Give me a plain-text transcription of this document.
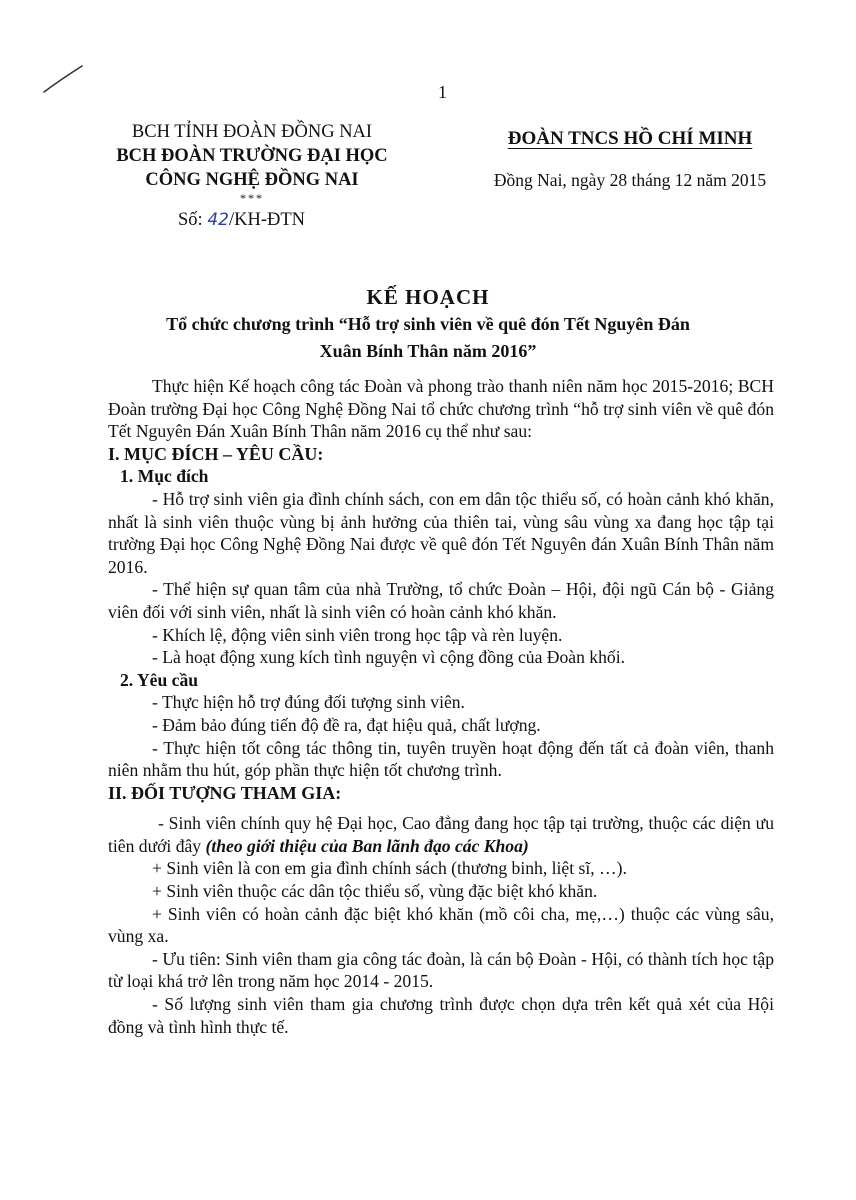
1
BCH TỈNH ĐOÀN ĐỒNG NAI
BCH ĐOÀN TRƯỜNG ĐẠI HỌC
CÔNG NGHỆ ĐỒNG NAI
***
Số: 42/KH-ĐTN
ĐOÀN TNCS HỒ CHÍ MINH
Đồng Nai, ngày 28 tháng 12 năm 2015
KẾ HOẠCH
Tổ chức chương trình “Hỗ trợ sinh viên về quê đón Tết Nguyên Đán
Xuân Bính Thân năm 2016”

Thực hiện Kế hoạch công tác Đoàn và phong trào thanh niên năm học 2015-2016; BCH Đoàn trường Đại học Công Nghệ Đồng Nai tổ chức chương trình “hỗ trợ sinh viên về quê đón Tết Nguyên Đán Xuân Bính Thân năm 2016 cụ thể như sau:

I. MỤC ĐÍCH – YÊU CẦU:

1. Mục đích

- Hỗ trợ sinh viên gia đình chính sách, con em dân tộc thiểu số, có hoàn cảnh khó khăn, nhất là sinh viên thuộc vùng bị ảnh hưởng của thiên tai, vùng sâu vùng xa đang học tập tại trường Đại học Công Nghệ Đồng Nai được về quê đón Tết Nguyên đán Xuân Bính Thân năm 2016.

- Thể hiện sự quan tâm của nhà Trường, tổ chức Đoàn – Hội, đội ngũ Cán bộ - Giảng viên đối với sinh viên, nhất là sinh viên có hoàn cảnh khó khăn.

- Khích lệ, động viên sinh viên trong học tập và rèn luyện.

- Là hoạt động xung kích tình nguyện vì cộng đồng của Đoàn khối.

2. Yêu cầu

- Thực hiện hỗ trợ đúng đối tượng sinh viên.

- Đảm bảo đúng tiến độ đề ra, đạt hiệu quả, chất lượng.

- Thực hiện tốt công tác thông tin, tuyên truyền hoạt động đến tất cả đoàn viên, thanh niên nhằm thu hút, góp phần thực hiện tốt chương trình.

II. ĐỐI TƯỢNG THAM GIA:

- Sinh viên chính quy hệ Đại học, Cao đẳng đang học tập tại trường, thuộc các diện ưu tiên dưới đây (theo giới thiệu của Ban lãnh đạo các Khoa)

+ Sinh viên là con em gia đình chính sách (thương binh, liệt sĩ, …).

+ Sinh viên thuộc các dân tộc thiểu số, vùng đặc biệt khó khăn.

+ Sinh viên có hoàn cảnh đặc biệt khó khăn (mồ côi cha, mẹ,…) thuộc các vùng sâu, vùng xa.

- Ưu tiên: Sinh viên tham gia công tác đoàn, là cán bộ Đoàn - Hội, có thành tích học tập từ loại khá trở lên trong năm học 2014 - 2015.

- Số lượng sinh viên tham gia chương trình được chọn dựa trên kết quả xét của Hội đồng và tình hình thực tế.
